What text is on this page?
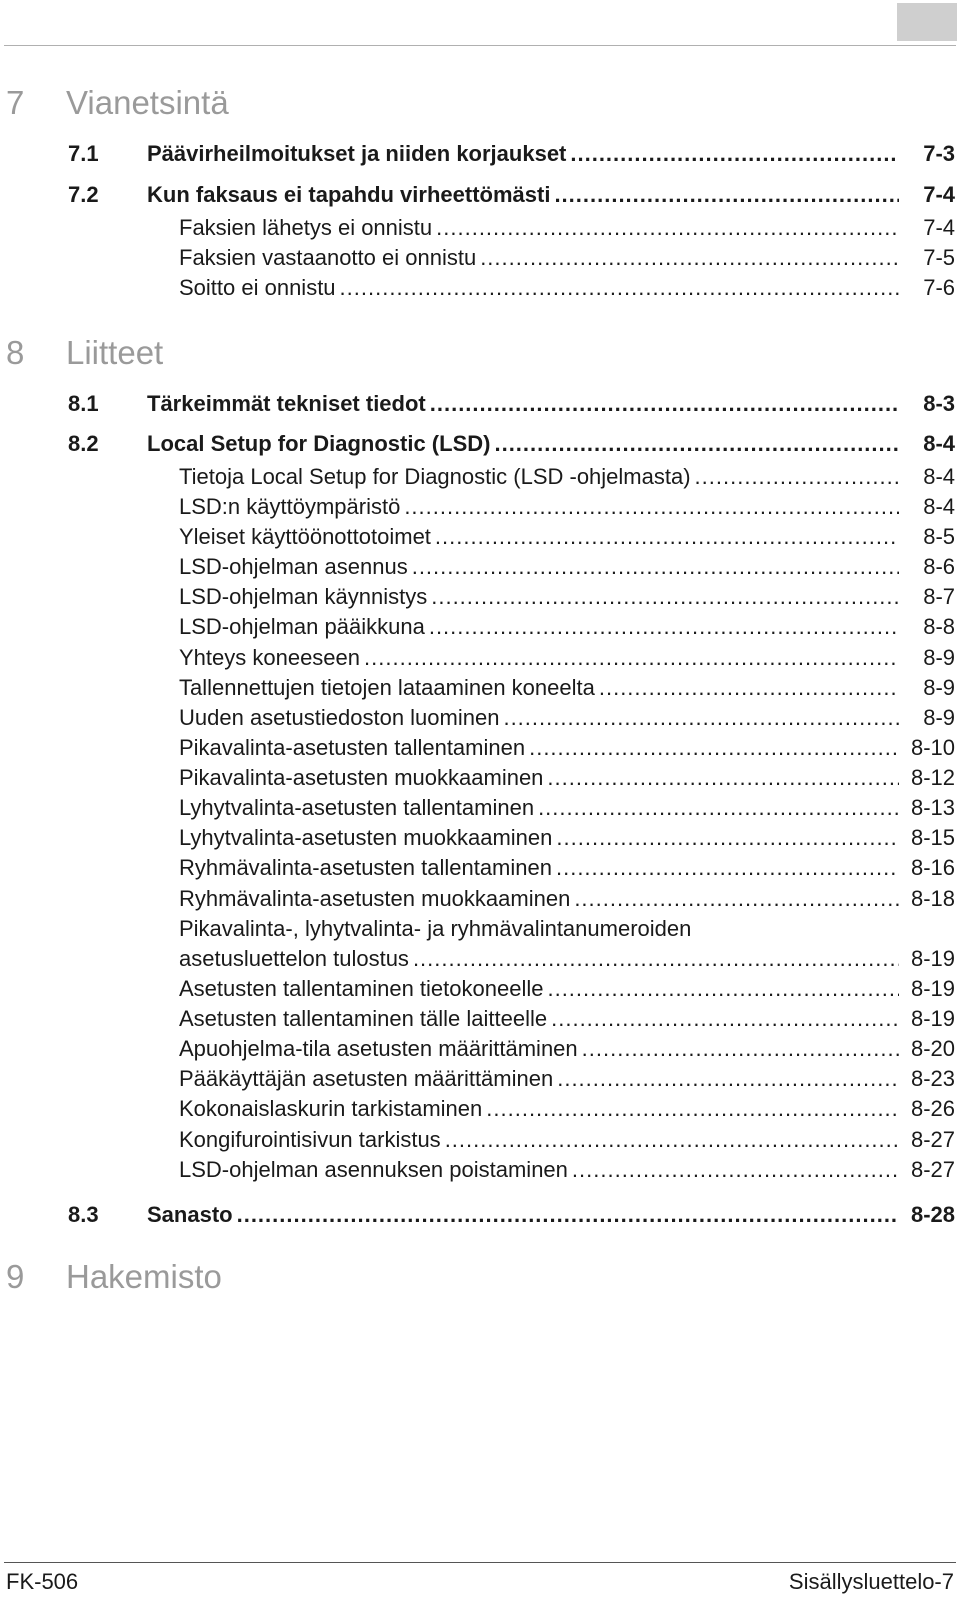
7 Vianetsintä
7.1 Päävirheilmoitukset ja niiden korjaukset .....	7-3
7.2 Kun faksaus ei tapahdu virheettömästi .....	7-4
Faksien lähetys ei onnistu .....	7-4
Faksien vastaanotto ei onnistu .....	7-5
Soitto ei onnistu .....	7-6
8 Liitteet
8.1 Tärkeimmät tekniset tiedot .....	8-3
8.2 Local Setup for Diagnostic (LSD) .....	8-4
Tietoja Local Setup for Diagnostic (LSD -ohjelmasta) .....	8-4
LSD:n käyttöympäristö .....	8-4
Yleiset käyttöönottotoimet .....	8-5
LSD-ohjelman asennus .....	8-6
LSD-ohjelman käynnistys .....	8-7
LSD-ohjelman pääikkuna .....	8-8
Yhteys koneeseen .....	8-9
Tallennettujen tietojen lataaminen koneelta .....	8-9
Uuden asetustiedoston luominen .....	8-9
Pikavalinta-asetusten tallentaminen .....	8-10
Pikavalinta-asetusten muokkaaminen .....	8-12
Lyhytvalinta-asetusten tallentaminen .....	8-13
Lyhytvalinta-asetusten muokkaaminen .....	8-15
Ryhmävalinta-asetusten tallentaminen .....	8-16
Ryhmävalinta-asetusten muokkaaminen .....	8-18
Pikavalinta-, lyhytvalinta- ja ryhmävalintanumeroiden
asetusluettelon tulostus .....	8-19
Asetusten tallentaminen tietokoneelle .....	8-19
Asetusten tallentaminen tälle laitteelle .....	8-19
Apuohjelma-tila asetusten määrittäminen .....	8-20
Pääkäyttäjän asetusten määrittäminen .....	8-23
Kokonaislaskurin tarkistaminen .....	8-26
Kongifurointisivun tarkistus .....	8-27
LSD-ohjelman asennuksen poistaminen .....	8-27
8.3 Sanasto .....	8-28
9 Hakemisto
FK-506	Sisällysluettelo-7
